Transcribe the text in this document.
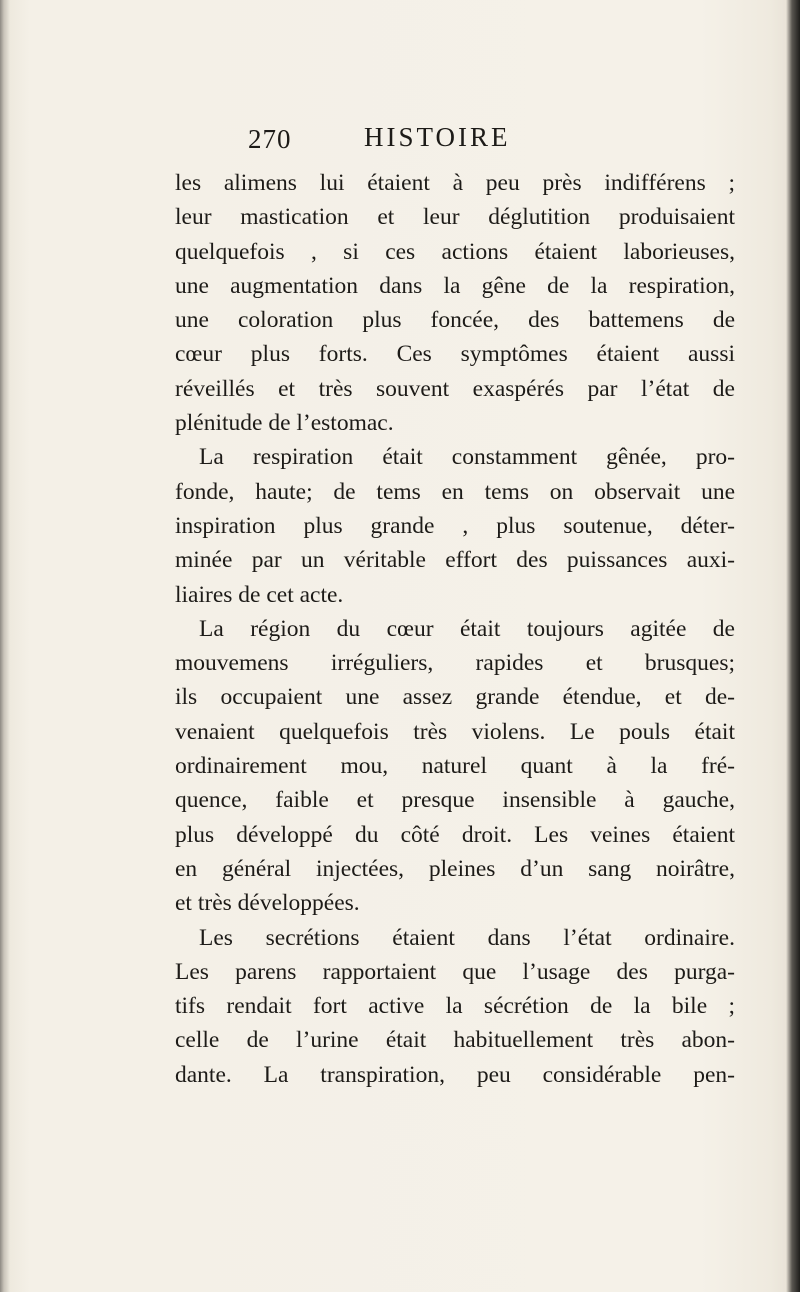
270	HISTOIRE
les alimens lui étaient à peu près indifférens ;
leur mastication et leur déglutition produisaient
quelquefois , si ces actions étaient laborieuses,
une augmentation dans la gêne de la respiration,
une coloration plus foncée, des battemens de
cœur plus forts. Ces symptômes étaient aussi
réveillés et très souvent exaspérés par l’état de
plénitude de l’estomac.
La respiration était constamment gênée, pro-
fonde, haute; de tems en tems on observait une
inspiration plus grande , plus soutenue, déter-
minée par un véritable effort des puissances auxi-
liaires de cet acte.
La région du cœur était toujours agitée de
mouvemens irréguliers, rapides et brusques;
ils occupaient une assez grande étendue, et de-
venaient quelquefois très violens. Le pouls était
ordinairement mou, naturel quant à la fré-
quence, faible et presque insensible à gauche,
plus développé du côté droit. Les veines étaient
en général injectées, pleines d’un sang noirâtre,
et très développées.
Les secrétions étaient dans l’état ordinaire.
Les parens rapportaient que l’usage des purga-
tifs rendait fort active la sécrétion de la bile ;
celle de l’urine était habituellement très abon-
dante. La transpiration, peu considérable pen-
